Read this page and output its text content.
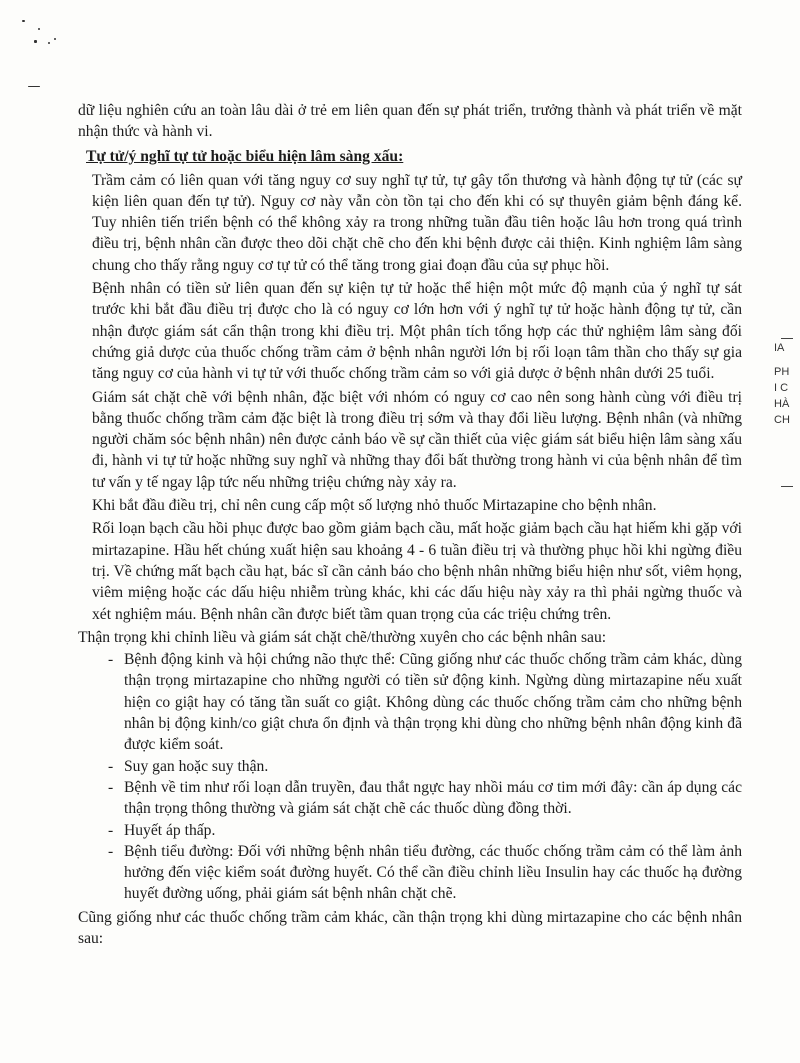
dữ liệu nghiên cứu an toàn lâu dài ở trẻ em liên quan đến sự phát triển, trưởng thành và phát triển về mặt nhận thức và hành vi.

Tự tử/ý nghĩ tự tử hoặc biểu hiện lâm sàng xấu:

Trầm cảm có liên quan với tăng nguy cơ suy nghĩ tự tử, tự gây tổn thương và hành động tự tử (các sự kiện liên quan đến tự tử). Nguy cơ này vẫn còn tồn tại cho đến khi có sự thuyên giảm bệnh đáng kể. Tuy nhiên tiến triển bệnh có thể không xảy ra trong những tuần đầu tiên hoặc lâu hơn trong quá trình điều trị, bệnh nhân cần được theo dõi chặt chẽ cho đến khi bệnh được cải thiện. Kinh nghiệm lâm sàng chung cho thấy rằng nguy cơ tự tử có thể tăng trong giai đoạn đầu của sự phục hồi.

Bệnh nhân có tiền sử liên quan đến sự kiện tự tử hoặc thể hiện một mức độ mạnh của ý nghĩ tự sát trước khi bắt đầu điều trị được cho là có nguy cơ lớn hơn với ý nghĩ tự tử hoặc hành động tự tử, cần nhận được giám sát cẩn thận trong khi điều trị. Một phân tích tổng hợp các thử nghiệm lâm sàng đối chứng giả dược của thuốc chống trầm cảm ở bệnh nhân người lớn bị rối loạn tâm thần cho thấy sự gia tăng nguy cơ của hành vi tự tử với thuốc chống trầm cảm so với giả dược ở bệnh nhân dưới 25 tuổi.

Giám sát chặt chẽ với bệnh nhân, đặc biệt với nhóm có nguy cơ cao nên song hành cùng với điều trị bằng thuốc chống trầm cảm đặc biệt là trong điều trị sớm và thay đổi liều lượng. Bệnh nhân (và những người chăm sóc bệnh nhân) nên được cảnh báo về sự cần thiết của việc giám sát biểu hiện lâm sàng xấu đi, hành vi tự tử hoặc những suy nghĩ và những thay đổi bất thường trong hành vi của bệnh nhân để tìm tư vấn y tế ngay lập tức nếu những triệu chứng này xảy ra.

Khi bắt đầu điều trị, chỉ nên cung cấp một số lượng nhỏ thuốc Mirtazapine cho bệnh nhân.

Rối loạn bạch cầu hồi phục được bao gồm giảm bạch cầu, mất hoặc giảm bạch cầu hạt hiếm khi gặp với mirtazapine. Hầu hết chúng xuất hiện sau khoảng 4 - 6 tuần điều trị và thường phục hồi khi ngừng điều trị. Về chứng mất bạch cầu hạt, bác sĩ cần cảnh báo cho bệnh nhân những biểu hiện như sốt, viêm họng, viêm miệng hoặc các dấu hiệu nhiễm trùng khác, khi các dấu hiệu này xảy ra thì phải ngừng thuốc và xét nghiệm máu. Bệnh nhân cần được biết tầm quan trọng của các triệu chứng trên.

Thận trọng khi chỉnh liều và giám sát chặt chẽ/thường xuyên cho các bệnh nhân sau:

- Bệnh động kinh và hội chứng não thực thể: Cũng giống như các thuốc chống trầm cảm khác, dùng thận trọng mirtazapine cho những người có tiền sử động kinh. Ngừng dùng mirtazapine nếu xuất hiện co giật hay có tăng tần suất co giật. Không dùng các thuốc chống trầm cảm cho những bệnh nhân bị động kinh/co giật chưa ổn định và thận trọng khi dùng cho những bệnh nhân động kinh đã được kiểm soát.
- Suy gan hoặc suy thận.
- Bệnh về tim như rối loạn dẫn truyền, đau thắt ngực hay nhồi máu cơ tim mới đây: cần áp dụng các thận trọng thông thường và giám sát chặt chẽ các thuốc dùng đồng thời.
- Huyết áp thấp.
- Bệnh tiểu đường: Đối với những bệnh nhân tiểu đường, các thuốc chống trầm cảm có thể làm ảnh hưởng đến việc kiểm soát đường huyết. Có thể cần điều chỉnh liều Insulin hay các thuốc hạ đường huyết đường uống, phải giám sát bệnh nhân chặt chẽ.

Cũng giống như các thuốc chống trầm cảm khác, cần thận trọng khi dùng mirtazapine cho các bệnh nhân sau:

IA
PH
I C
HÀ
CH
